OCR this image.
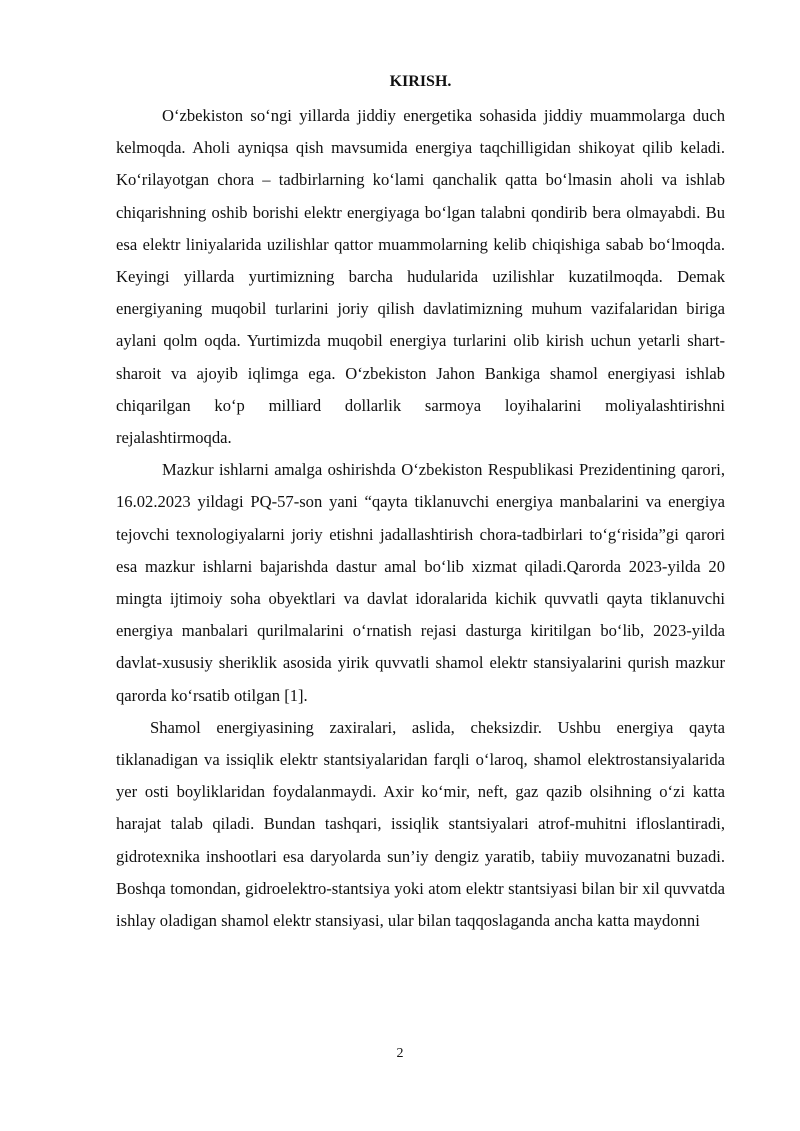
KIRISH.

O‘zbekiston so‘ngi yillarda jiddiy energetika sohasida jiddiy muammolarga duch kelmoqda. Aholi ayniqsa qish mavsumida energiya taqchilligidan shikoyat qilib keladi. Ko‘rilayotgan chora – tadbirlarning ko‘lami qanchalik qatta bo‘lmasin aholi va ishlab chiqarishning oshib borishi elektr energiyaga bo‘lgan talabni qondirib bera olmayabdi. Bu esa elektr liniyalarida uzilishlar qattor muammolarning kelib chiqishiga sabab bo‘lmoqda. Keyingi yillarda yurtimizning barcha hudularida uzilishlar kuzatilmoqda. Demak energiyaning muqobil turlarini joriy qilish davlatimizning muhum vazifalaridan biriga aylani qolm oqda. Yurtimizda muqobil energiya turlarini olib kirish uchun yetarli shart-sharoit va ajoyib iqlimga ega. O‘zbekiston Jahon Bankiga shamol energiyasi ishlab chiqarilgan ko‘p milliard dollarlik sarmoya loyihalarini moliyalashtirishni rejalashtirmoqda.

Mazkur ishlarni amalga oshirishda O‘zbekiston Respublikasi Prezidentining qarori, 16.02.2023 yildagi PQ-57-son yani “qayta tiklanuvchi energiya manbalarini va energiya tejovchi texnologiyalarni joriy etishni jadallashtirish chora-tadbirlari to‘g‘risida”gi qarori esa mazkur ishlarni bajarishda dastur amal bo‘lib xizmat qiladi.Qarorda 2023-yilda 20 mingta ijtimoiy soha obyektlari va davlat idoralarida kichik quvvatli qayta tiklanuvchi energiya manbalari qurilmalarini o‘rnatish rejasi dasturga kiritilgan bo‘lib, 2023-yilda davlat-xususiy sheriklik asosida yirik quvvatli shamol elektr stansiyalarini qurish mazkur qarorda ko‘rsatib otilgan [1].

Shamol energiyasining zaxiralari, aslida, cheksizdir. Ushbu energiya qayta tiklanadigan va issiqlik elektr stantsiyalaridan farqli o‘laroq, shamol elektrostansiyalarida yer osti boyliklaridan foydalanmaydi. Axir ko‘mir, neft, gaz qazib olsihning o‘zi katta harajat talab qiladi. Bundan tashqari, issiqlik stantsiyalari atrof-muhitni ifloslantiradi, gidrotexnika inshootlari esa daryolarda sun’iy dengiz yaratib, tabiiy muvozanatni buzadi. Boshqa tomondan, gidroelektro-stantsiya yoki atom elektr stantsiyasi bilan bir xil quvvatda ishlay oladigan shamol elektr stansiyasi, ular bilan taqqoslaganda ancha katta maydonni

2
